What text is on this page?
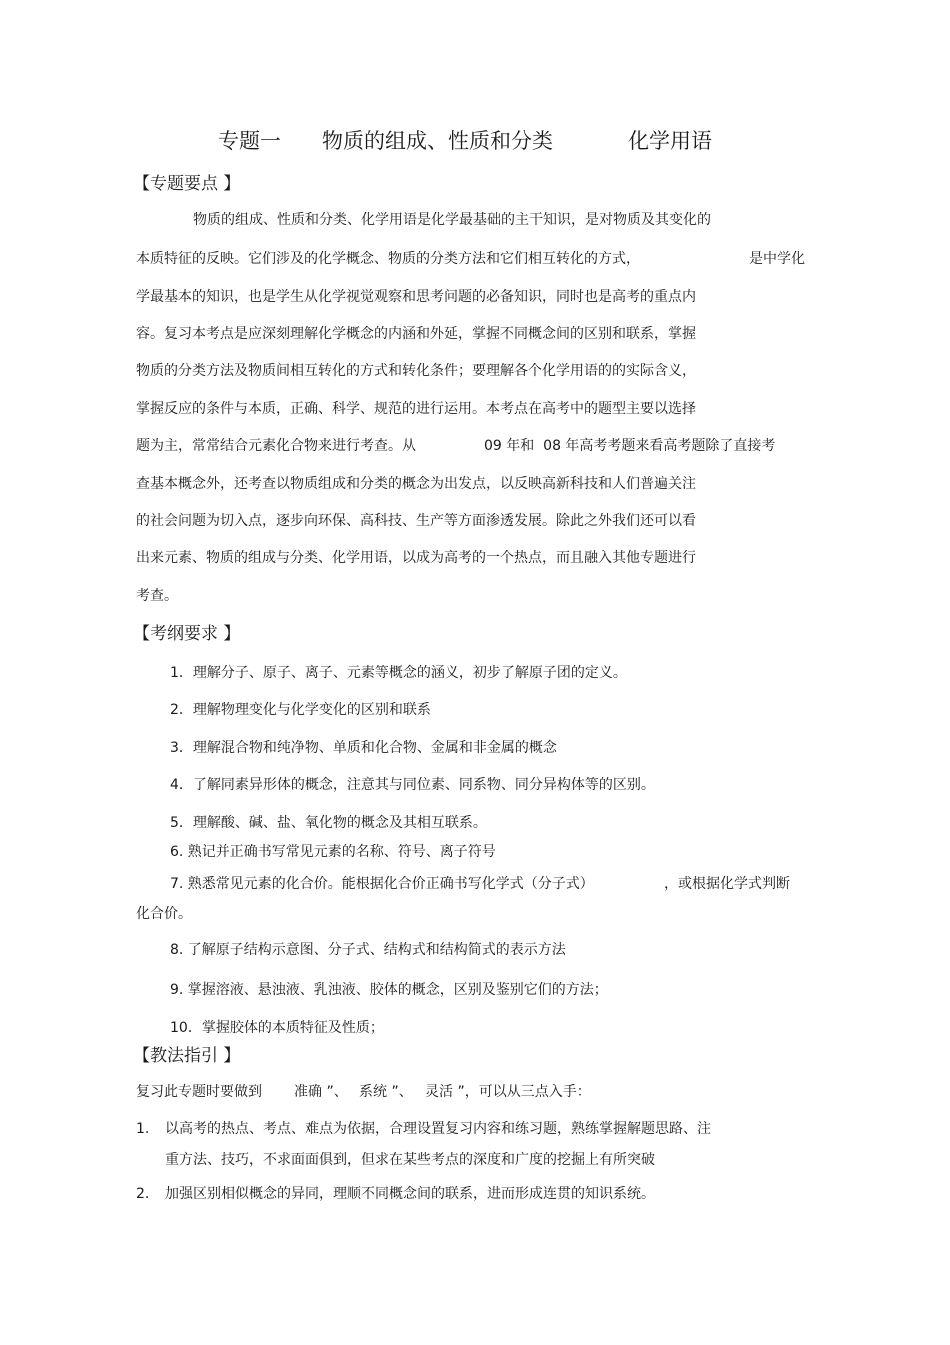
专题一 物质的组成、性质和分类	化学用语
【专题要点 】
物质的组成、性质和分类、化学用语是化学最基础的主干知识，是对物质及其变化的
本质特征的反映。它们涉及的化学概念、物质的分类方法和它们相互转化的方式，	是中学化
学最基本的知识，也是学生从化学视觉观察和思考问题的必备知识，同时也是高考的重点内
容。复习本考点是应深刻理解化学概念的内涵和外延，掌握不同概念间的区别和联系，掌握
物质的分类方法及物质间相互转化的方式和转化条件；要理解各个化学用语的的实际含义，
掌握反应的条件与本质，正确、科学、规范的进行运用。本考点在高考中的题型主要以选择
题为主，常常结合元素化合物来进行考查。从	09 年和  08 年高考考题来看高考题除了直接考
查基本概念外，还考查以物质组成和分类的概念为出发点，以反映高新科技和人们普遍关注
的社会问题为切入点，逐步向环保、高科技、生产等方面渗透发展。除此之外我们还可以看
出来元素、物质的组成与分类、化学用语，以成为高考的一个热点，而且融入其他专题进行
考查。
【考纲要求 】
1．理解分子、原子、离子、元素等概念的涵义，初步了解原子团的定义。
2．理解物理变化与化学变化的区别和联系
3．理解混合物和纯净物、单质和化合物、金属和非金属的概念
4．了解同素异形体的概念，注意其与同位素、同系物、同分异构体等的区别。
5．理解酸、碱、盐、氧化物的概念及其相互联系。
6. 熟记并正确书写常见元素的名称、符号、离子符号
7. 熟悉常见元素的化合价。能根据化合价正确书写化学式（分子式）	，或根据化学式判断
化合价。
8. 了解原子结构示意图、分子式、结构式和结构简式的表示方法
9. 掌握溶液、悬浊液、乳浊液、胶体的概念，区别及鉴别它们的方法；
10．掌握胶体的本质特征及性质；
【教法指引 】
复习此专题时要做到 准确 ”、 系统 ”、 灵活 ”，可以从三点入手：
1. 以高考的热点、考点、难点为依据，合理设置复习内容和练习题，熟练掌握解题思路、注
重方法、技巧，不求面面俱到，但求在某些考点的深度和广度的挖掘上有所突破
2. 加强区别相似概念的异同，理顺不同概念间的联系，进而形成连贯的知识系统。
